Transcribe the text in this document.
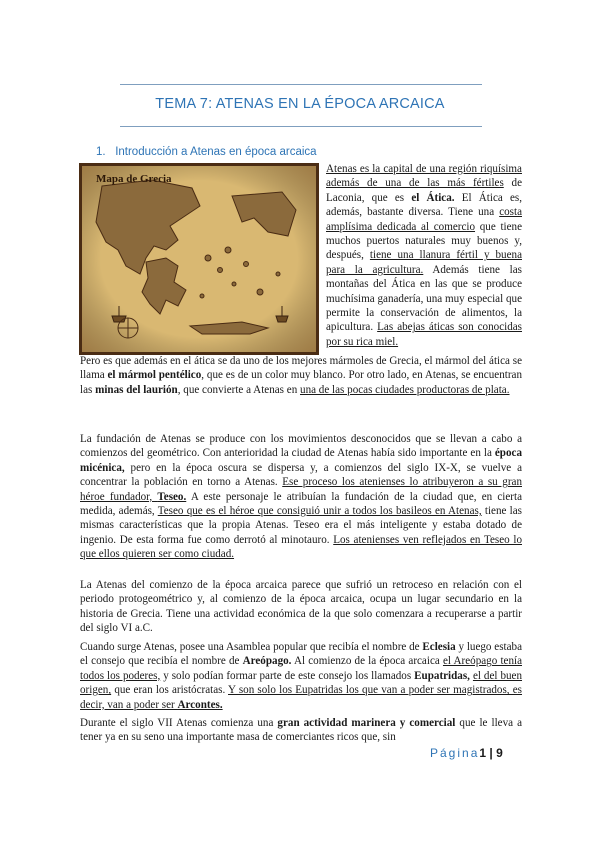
TEMA 7: ATENAS EN LA ÉPOCA ARCAICA
1. Introducción a Atenas en época arcaica
Mapa de Grecia

Atenas es la capital de una región riquísima además de una de las más fértiles de Laconia, que es el Ática. El Ática es, además, bastante diversa. Tiene una costa amplísima dedicada al comercio que tiene muchos puertos naturales muy buenos y, después, tiene una llanura fértil y buena para la agricultura. Además tiene las montañas del Ática en las que se produce muchísima ganadería, una muy especial que permite la conservación de alimentos, la apicultura. Las abejas áticas son conocidas por su rica miel.

Pero es que además en el ática se da uno de los mejores mármoles de Grecia, el mármol del ática se llama el mármol pentélico, que es de un color muy blanco. Por otro lado, en Atenas, se encuentran las minas del laurión, que convierte a Atenas en una de las pocas ciudades productoras de plata.

La fundación de Atenas se produce con los movimientos desconocidos que se llevan a cabo a comienzos del geométrico. Con anterioridad la ciudad de Atenas había sido importante en la época micénica, pero en la época oscura se dispersa y, a comienzos del siglo IX-X, se vuelve a concentrar la población en torno a Atenas. Ese proceso los atenienses lo atribuyeron a su gran héroe fundador, Teseo. A este personaje le atribuían la fundación de la ciudad que, en cierta medida, además, Teseo que es el héroe que consiguió unir a todos los basileos en Atenas, tiene las mismas características que la propia Atenas. Teseo era el más inteligente y estaba dotado de ingenio. De esta forma fue como derrotó al minotauro. Los atenienses ven reflejados en Teseo lo que ellos quieren ser como ciudad.

La Atenas del comienzo de la época arcaica parece que sufrió un retroceso en relación con el periodo protogeométrico y, al comienzo de la época arcaica, ocupa un lugar secundario en la historia de Grecia. Tiene una actividad económica de la que solo comenzara a recuperarse a partir del siglo VI a.C.

Cuando surge Atenas, posee una Asamblea popular que recibía el nombre de Eclesia y luego estaba el consejo que recibía el nombre de Areópago. Al comienzo de la época arcaica el Areópago tenía todos los poderes, y solo podían formar parte de este consejo los llamados Eupatridas, el del buen origen, que eran los aristócratas. Y son solo los Eupatridas los que van a poder ser magistrados, es decir, van a poder ser Arcontes.

Durante el siglo VII Atenas comienza una gran actividad marinera y comercial que le lleva a tener ya en su seno una importante masa de comerciantes ricos que, sin

Página1 | 9
